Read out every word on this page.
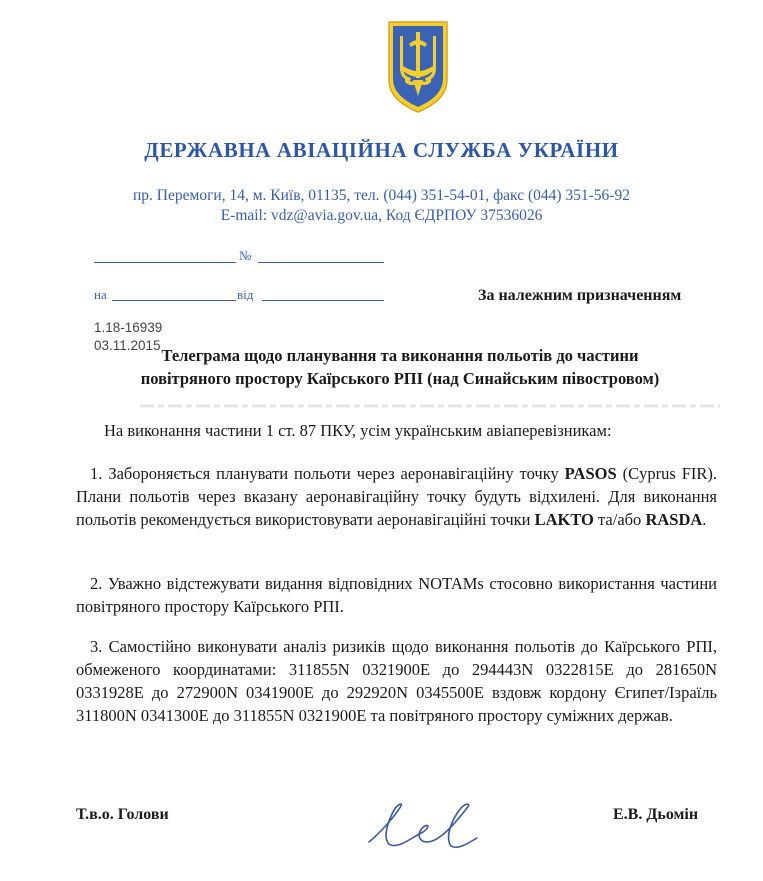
ДЕРЖАВНА АВІАЦІЙНА СЛУЖБА УКРАЇНИ
пр. Перемоги, 14, м. Київ, 01135, тел. (044) 351-54-01, факс (044) 351-56-92
E-mail: vdz@avia.gov.ua, Код ЄДРПОУ 37536026
№
на	від	За належним призначенням
1.18-16939
03.11.2015
Телеграма щодо планування та виконання польотів до частини
повітряного простору Каїрського РПІ (над Синайським півостровом)
На виконання частини 1 ст. 87 ПКУ, усім українським авіаперевізникам:
1. Забороняється планувати польоти через аеронавігаційну точку PASOS (Cyprus FIR). Плани польотів через вказану аеронавігаційну точку будуть відхилені. Для виконання польотів рекомендується використовувати аеронавігаційні точки LAKTO та/або RASDA.
2. Уважно відстежувати видання відповідних NOTAMs стосовно використання частини повітряного простору Каїрського РПІ.
3. Самостійно виконувати аналіз ризиків щодо виконання польотів до Каїрського РПІ, обмеженого координатами: 311855N 0321900E до 294443N 0322815E до 281650N 0331928E до 272900N 0341900E до 292920N 0345500E вздовж кордону Єгипет/Ізраїль 311800N 0341300E до 311855N 0321900E та повітряного простору суміжних держав.
Т.в.о. Голови	Е.В. Дьомін
